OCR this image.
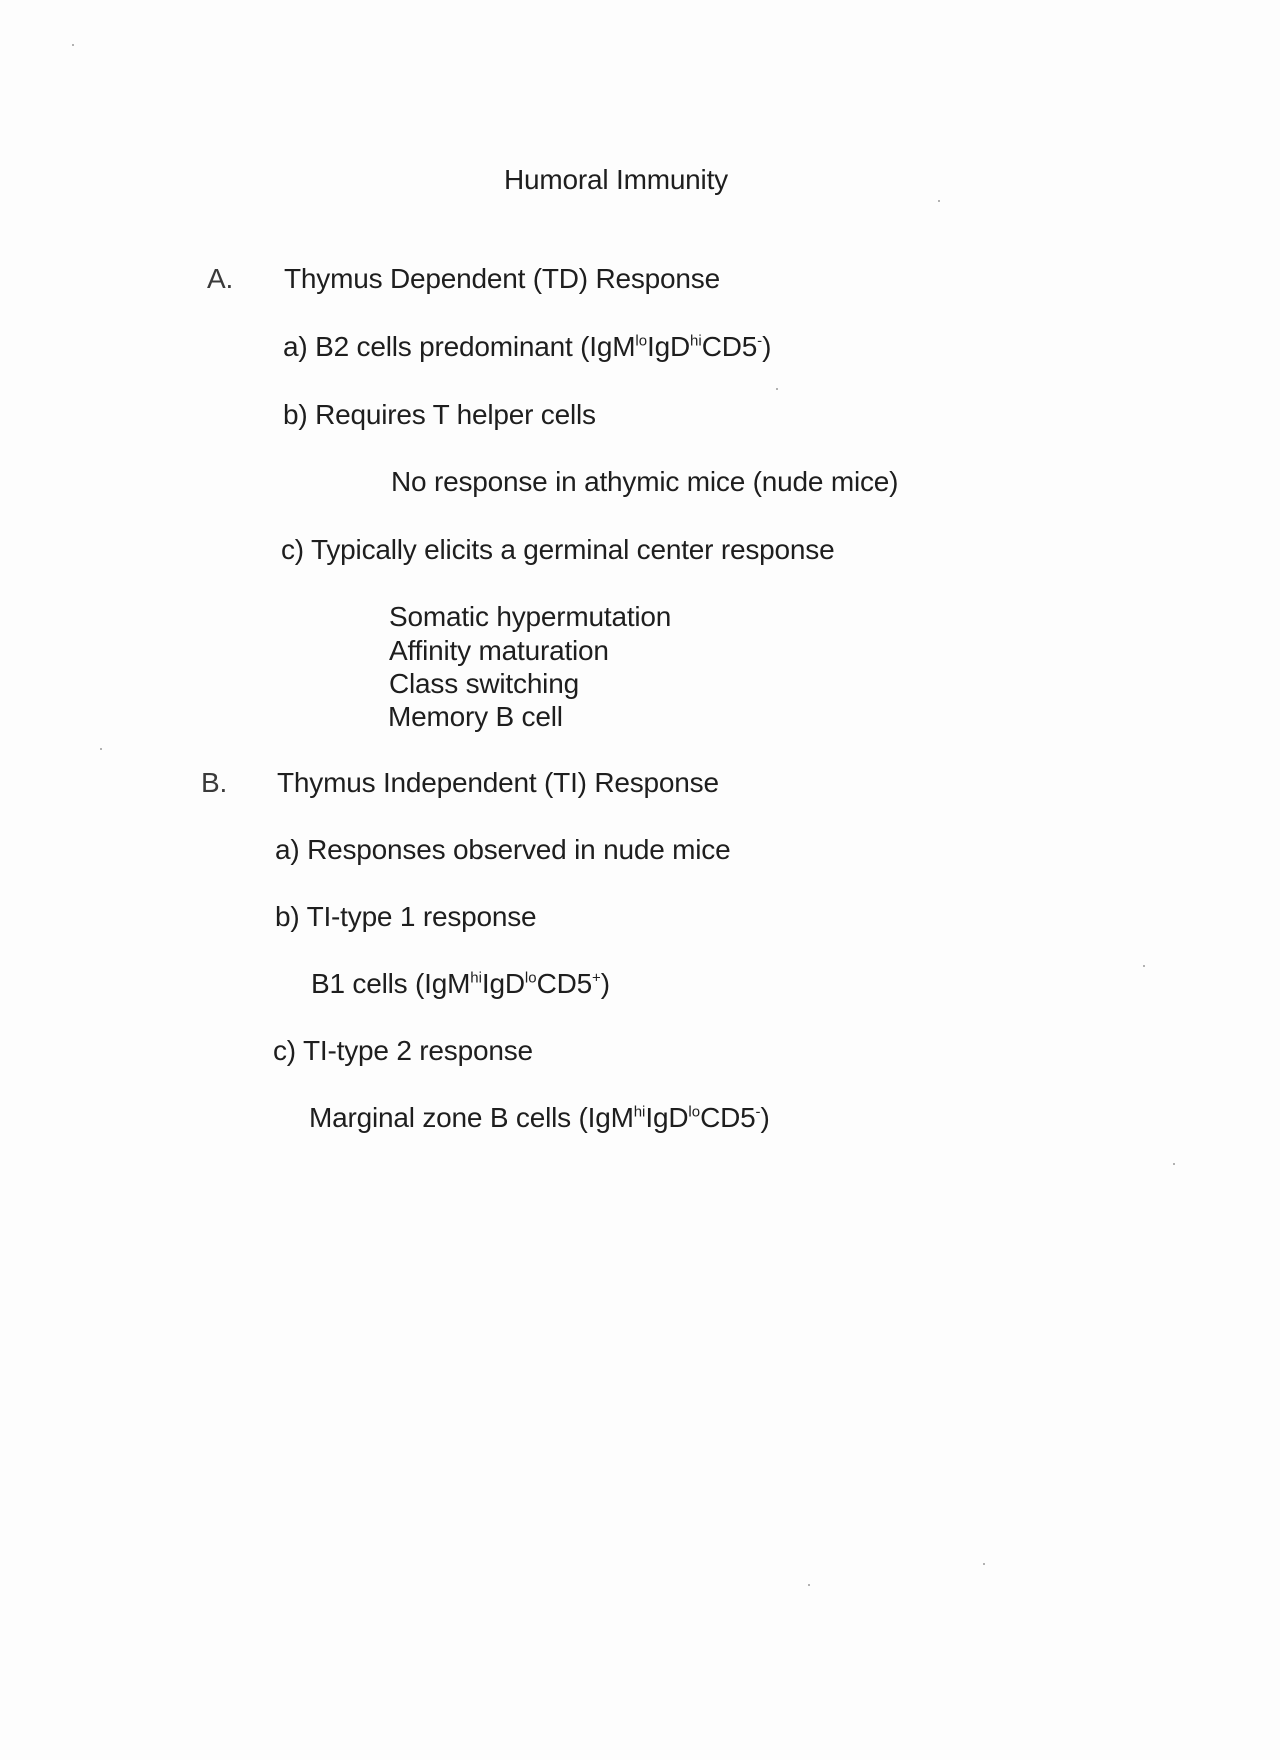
Humoral Immunity
A. Thymus Dependent (TD) Response
a) B2 cells predominant (IgM$^{lo}$IgD$^{hi}$CD5-)
b) Requires T helper cells
No response in athymic mice (nude mice)
c) Typically elicits a germinal center response
Somatic hypermutation
Affinity maturation
Class switching
Memory B cell
B. Thymus Independent (TI) Response
a) Responses observed in nude mice
b) TI-type 1 response
B1 cells (IgM$^{hi}$IgD$^{lo}$CD5+)
c) TI-type 2 response
Marginal zone B cells (IgM$^{hi}$IgD$^{lo}$CD5-)
